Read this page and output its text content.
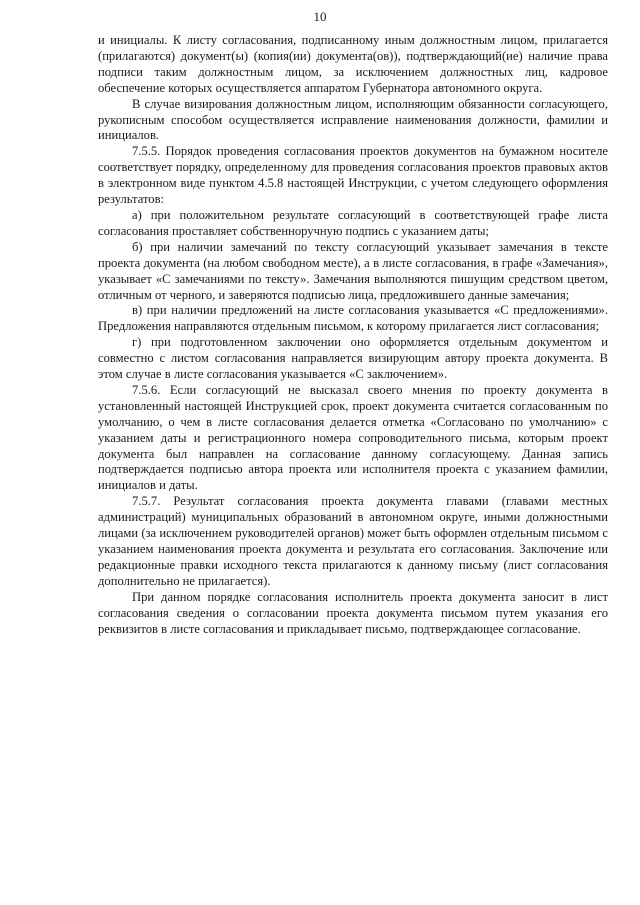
10

и инициалы. К листу согласования, подписанному иным должностным лицом, прилагается (прилагаются) документ(ы) (копия(ии) документа(ов)), подтверждающий(ие) наличие права подписи таким должностным лицом, за исключением должностных лиц, кадровое обеспечение которых осуществляется аппаратом Губернатора автономного округа.

В случае визирования должностным лицом, исполняющим обязанности согласующего, рукописным способом осуществляется исправление наименования должности, фамилии и инициалов.

7.5.5. Порядок проведения согласования проектов документов на бумажном носителе соответствует порядку, определенному для проведения согласования проектов правовых актов в электронном виде пунктом 4.5.8 настоящей Инструкции, с учетом следующего оформления результатов:

а) при положительном результате согласующий в соответствующей графе листа согласования проставляет собственноручную подпись с указанием даты;

б) при наличии замечаний по тексту согласующий указывает замечания в тексте проекта документа (на любом свободном месте), а в листе согласования, в графе «Замечания», указывает «С замечаниями по тексту». Замечания выполняются пишущим средством цветом, отличным от черного, и заверяются подписью лица, предложившего данные замечания;

в) при наличии предложений на листе согласования указывается «С предложениями». Предложения направляются отдельным письмом, к которому прилагается лист согласования;

г) при подготовленном заключении оно оформляется отдельным документом и совместно с листом согласования направляется визирующим автору проекта документа. В этом случае в листе согласования указывается «С заключением».

7.5.6. Если согласующий не высказал своего мнения по проекту документа в установленный настоящей Инструкцией срок, проект документа считается согласованным по умолчанию, о чем в листе согласования делается отметка «Согласовано по умолчанию» с указанием даты и регистрационного номера сопроводительного письма, которым проект документа был направлен на согласование данному согласующему. Данная запись подтверждается подписью автора проекта или исполнителя проекта с указанием фамилии, инициалов и даты.

7.5.7. Результат согласования проекта документа главами (главами местных администраций) муниципальных образований в автономном округе, иными должностными лицами (за исключением руководителей органов) может быть оформлен отдельным письмом с указанием наименования проекта документа и результата его согласования. Заключение или редакционные правки исходного текста прилагаются к данному письму (лист согласования дополнительно не прилагается).

При данном порядке согласования исполнитель проекта документа заносит в лист согласования сведения о согласовании проекта документа письмом путем указания его реквизитов в листе согласования и прикладывает письмо, подтверждающее согласование.
